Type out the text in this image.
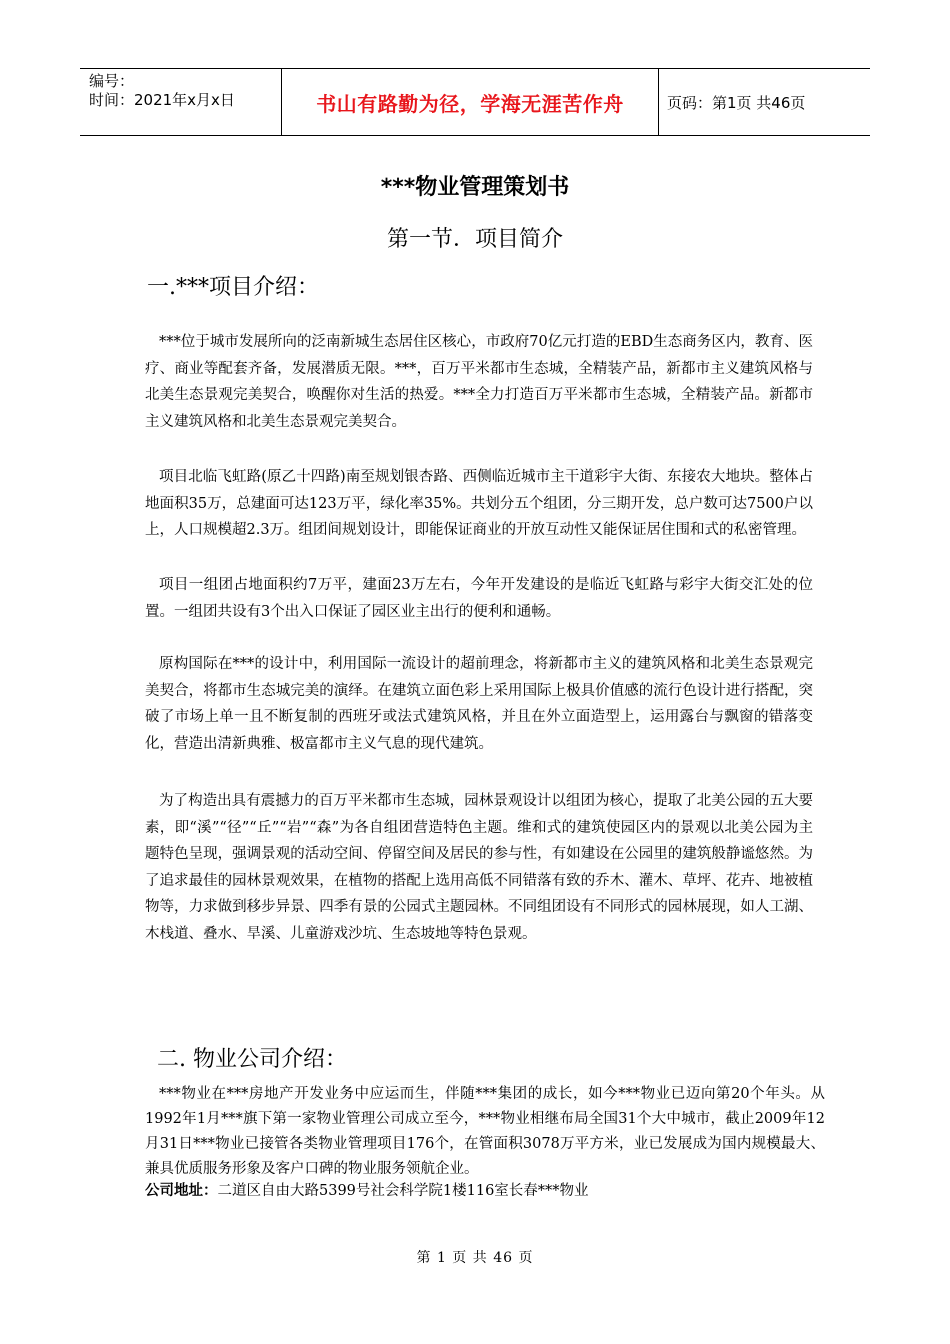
编号：
时间：2021年x月x日	书山有路勤为径，学海无涯苦作舟	页码：第1页 共46页
***物业管理策划书
第一节．项目简介
一.***项目介绍：
***位于城市发展所向的泛南新城生态居住区核心，市政府70亿元打造的EBD生态商务区内，教育、医疗、商业等配套齐备，发展潜质无限。***，百万平米都市生态城，全精装产品，新都市主义建筑风格与北美生态景观完美契合，唤醒你对生活的热爱。***全力打造百万平米都市生态城，全精装产品。新都市主义建筑风格和北美生态景观完美契合。
项目北临飞虹路(原乙十四路)南至规划银杏路、西侧临近城市主干道彩宇大街、东接农大地块。整体占地面积35万，总建面可达123万平，绿化率35%。共划分五个组团，分三期开发，总户数可达7500户以上，人口规模超2.3万。组团间规划设计，即能保证商业的开放互动性又能保证居住围和式的私密管理。
项目一组团占地面积约7万平，建面23万左右，今年开发建设的是临近飞虹路与彩宇大街交汇处的位置。一组团共设有3个出入口保证了园区业主出行的便利和通畅。
原构国际在***的设计中，利用国际一流设计的超前理念，将新都市主义的建筑风格和北美生态景观完美契合，将都市生态城完美的演绎。在建筑立面色彩上采用国际上极具价值感的流行色设计进行搭配，突破了市场上单一且不断复制的西班牙或法式建筑风格，并且在外立面造型上，运用露台与飘窗的错落变化，营造出清新典雅、极富都市主义气息的现代建筑。
为了构造出具有震撼力的百万平米都市生态城，园林景观设计以组团为核心，提取了北美公园的五大要素，即“溪”“径”“丘”“岩”“森”为各自组团营造特色主题。维和式的建筑使园区内的景观以北美公园为主题特色呈现，强调景观的活动空间、停留空间及居民的参与性，有如建设在公园里的建筑般静谧悠然。为了追求最佳的园林景观效果，在植物的搭配上选用高低不同错落有致的乔木、灌木、草坪、花卉、地被植物等，力求做到移步异景、四季有景的公园式主题园林。不同组团设有不同形式的园林展现，如人工湖、木栈道、叠水、旱溪、儿童游戏沙坑、生态坡地等特色景观。
二. 物业公司介绍：
***物业在***房地产开发业务中应运而生，伴随***集团的成长，如今***物业已迈向第20个年头。从1992年1月***旗下第一家物业管理公司成立至今，***物业相继布局全国31个大中城市，截止2009年12月31日***物业已接管各类物业管理项目176个，在管面积3078万平方米，业已发展成为国内规模最大、兼具优质服务形象及客户口碑的物业服务领航企业。
公司地址：二道区自由大路5399号社会科学院1楼116室长春***物业
第 1 页 共 46 页
